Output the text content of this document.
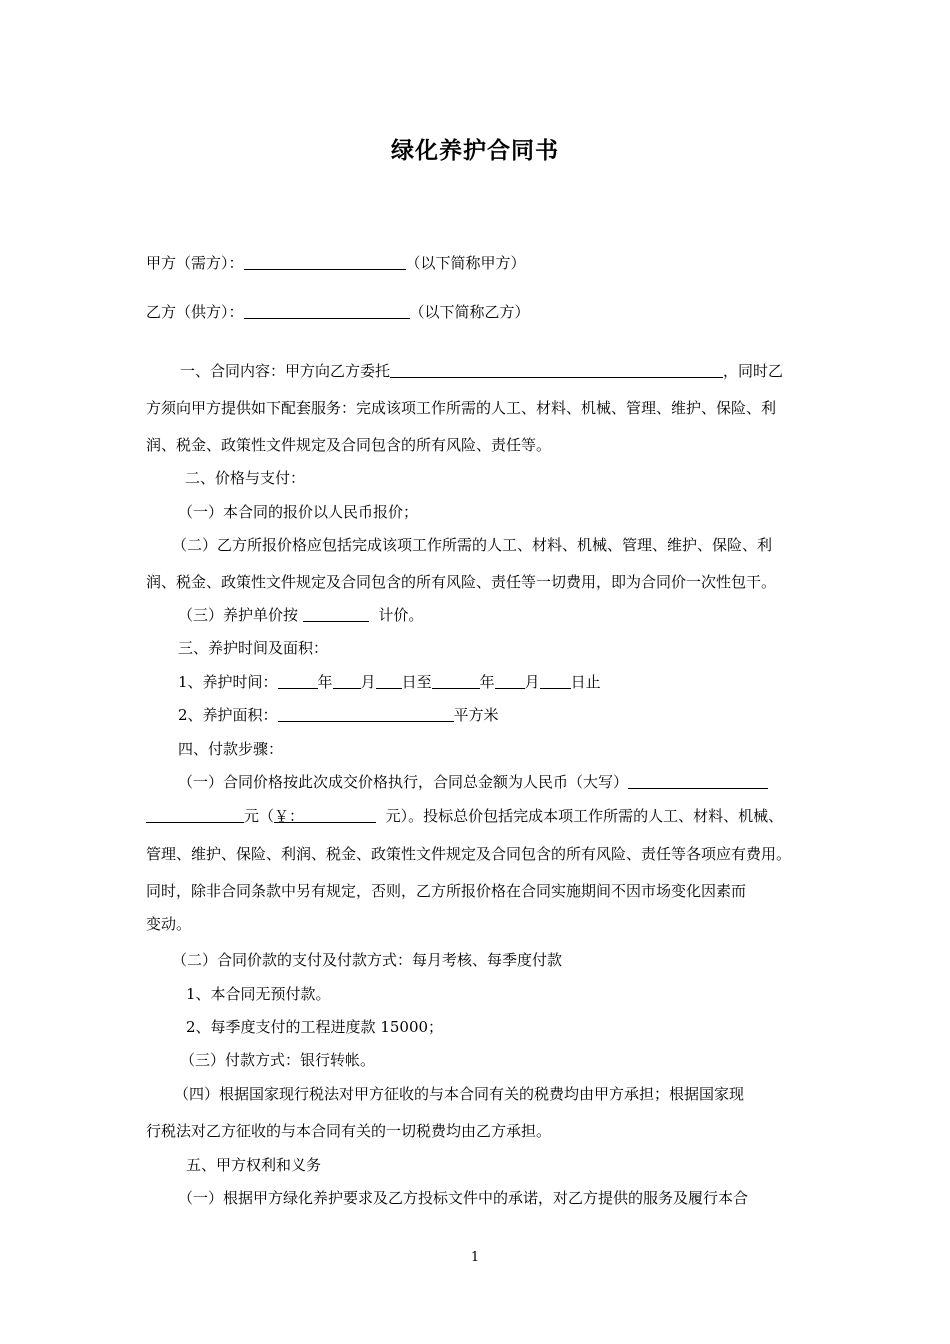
绿化养护合同书
甲方（需方）：	（以下简称甲方）
乙方（供方）：	（以下简称乙方）
一、合同内容：甲方向乙方委托	，同时乙
方须向甲方提供如下配套服务：完成该项工作所需的人工、材料、机械、管理、维护、保险、利
润、税金、政策性文件规定及合同包含的所有风险、责任等。
二、价格与支付：
（一）本合同的报价以人民币报价；
（二）乙方所报价格应包括完成该项工作所需的人工、材料、机械、管理、维护、保险、利
润、税金、政策性文件规定及合同包含的所有风险、责任等一切费用，即为合同价一次性包干。
（三）养护单价按	计价。
三、养护时间及面积：
1、养护时间：	年 月 日至	年 月 日止
2、养护面积：	平方米
四、付款步骤：
（一）合同价格按此次成交价格执行，合同总金额为人民币（大写）
元（￥：	元）。投标总价包括完成本项工作所需的人工、材料、机械、
管理、维护、保险、利润、税金、政策性文件规定及合同包含的所有风险、责任等各项应有费用。
同时，除非合同条款中另有规定，否则，乙方所报价格在合同实施期间不因市场变化因素而
变动。
（二）合同价款的支付及付款方式：每月考核、每季度付款
1、本合同无预付款。
2、每季度支付的工程进度款 15000；
（三）付款方式：银行转帐。
（四）根据国家现行税法对甲方征收的与本合同有关的税费均由甲方承担；根据国家现
行税法对乙方征收的与本合同有关的一切税费均由乙方承担。
五、甲方权利和义务
（一）根据甲方绿化养护要求及乙方投标文件中的承诺，对乙方提供的服务及履行本合
1
